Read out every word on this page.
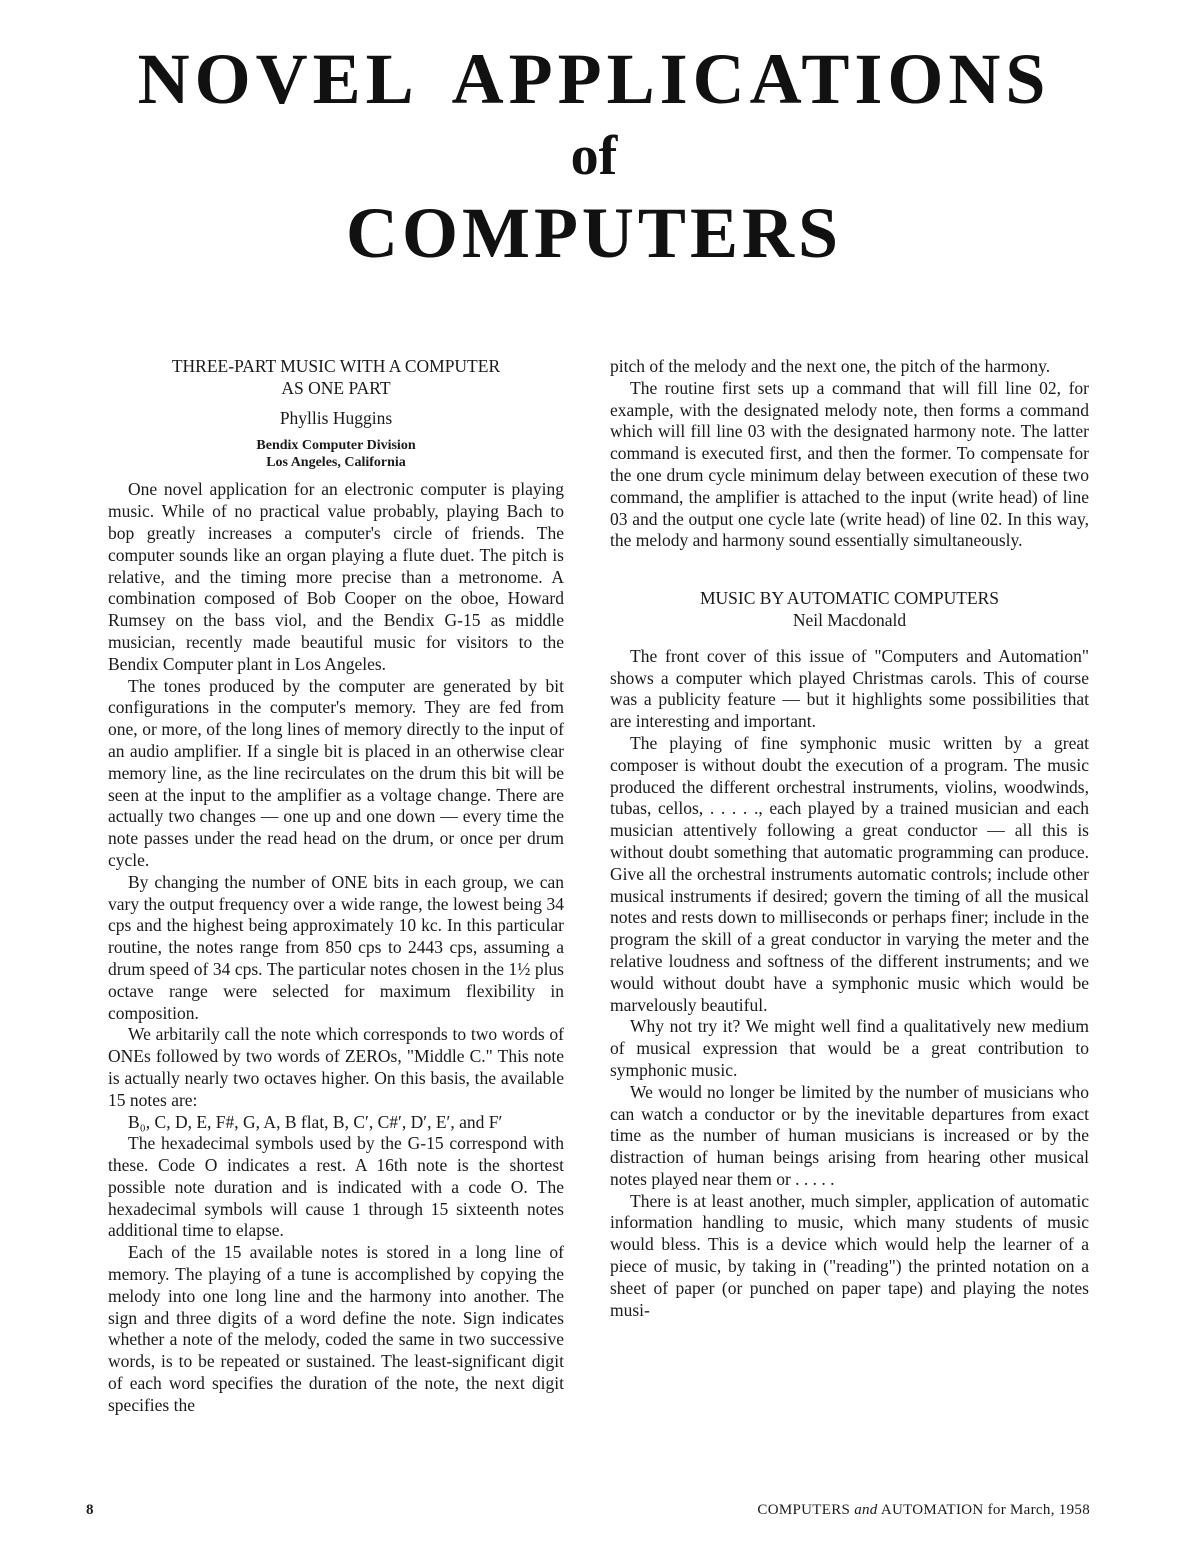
NOVEL APPLICATIONS
of
COMPUTERS
THREE-PART MUSIC WITH A COMPUTER
AS ONE PART
Phyllis Huggins
Bendix Computer Division
Los Angeles, California

One novel application for an electronic computer is playing music. While of no practical value probably, playing Bach to bop greatly increases a computer's circle of friends. The computer sounds like an organ playing a flute duet. The pitch is relative, and the timing more precise than a metronome. A combination composed of Bob Cooper on the oboe, Howard Rumsey on the bass viol, and the Bendix G-15 as middle musician, recently made beautiful music for visitors to the Bendix Computer plant in Los Angeles.

The tones produced by the computer are generated by bit configurations in the computer's memory. They are fed from one, or more, of the long lines of memory directly to the input of an audio amplifier. If a single bit is placed in an otherwise clear memory line, as the line recirculates on the drum this bit will be seen at the input to the amplifier as a voltage change. There are actually two changes — one up and one down — every time the note passes under the read head on the drum, or once per drum cycle.

By changing the number of ONE bits in each group, we can vary the output frequency over a wide range, the lowest being 34 cps and the highest being approximately 10 kc. In this particular routine, the notes range from 850 cps to 2443 cps, assuming a drum speed of 34 cps. The particular notes chosen in the 1½ plus octave range were selected for maximum flexibility in composition.

We arbitarily call the note which corresponds to two words of ONEs followed by two words of ZEROs, "Middle C." This note is actually nearly two octaves higher. On this basis, the available 15 notes are:

B₀, C, D, E, F#, G, A, B flat, B, C′, C#′, D′, E′, and F′

The hexadecimal symbols used by the G-15 correspond with these. Code O indicates a rest. A 16th note is the shortest possible note duration and is indicated with a code O. The hexadecimal symbols will cause 1 through 15 sixteenth notes additional time to elapse.

Each of the 15 available notes is stored in a long line of memory. The playing of a tune is accomplished by copying the melody into one long line and the harmony into another. The sign and three digits of a word define the note. Sign indicates whether a note of the melody, coded the same in two successive words, is to be repeated or sustained. The least-significant digit of each word specifies the duration of the note, the next digit specifies the

pitch of the melody and the next one, the pitch of the harmony.

The routine first sets up a command that will fill line 02, for example, with the designated melody note, then forms a command which will fill line 03 with the designated harmony note. The latter command is executed first, and then the former. To compensate for the one drum cycle minimum delay between execution of these two command, the amplifier is attached to the input (write head) of line 03 and the output one cycle late (write head) of line 02. In this way, the melody and harmony sound essentially simultaneously.

MUSIC BY AUTOMATIC COMPUTERS
Neil Macdonald

The front cover of this issue of "Computers and Automation" shows a computer which played Christmas carols. This of course was a publicity feature — but it highlights some possibilities that are interesting and important.

The playing of fine symphonic music written by a great composer is without doubt the execution of a program. The music produced the different orchestral instruments, violins, woodwinds, tubas, cellos, . . . . ., each played by a trained musician and each musician attentively following a great conductor — all this is without doubt something that automatic programming can produce. Give all the orchestral instruments automatic controls; include other musical instruments if desired; govern the timing of all the musical notes and rests down to milliseconds or perhaps finer; include in the program the skill of a great conductor in varying the meter and the relative loudness and softness of the different instruments; and we would without doubt have a symphonic music which would be marvelously beautiful.

Why not try it? We might well find a qualitatively new medium of musical expression that would be a great contribution to symphonic music.

We would no longer be limited by the number of musicians who can watch a conductor or by the inevitable departures from exact time as the number of human musicians is increased or by the distraction of human beings arising from hearing other musical notes played near them or . . . . .

There is at least another, much simpler, application of automatic information handling to music, which many students of music would bless. This is a device which would help the learner of a piece of music, by taking in ("reading") the printed notation on a sheet of paper (or punched on paper tape) and playing the notes musi-

8	COMPUTERS and AUTOMATION for March, 1958
